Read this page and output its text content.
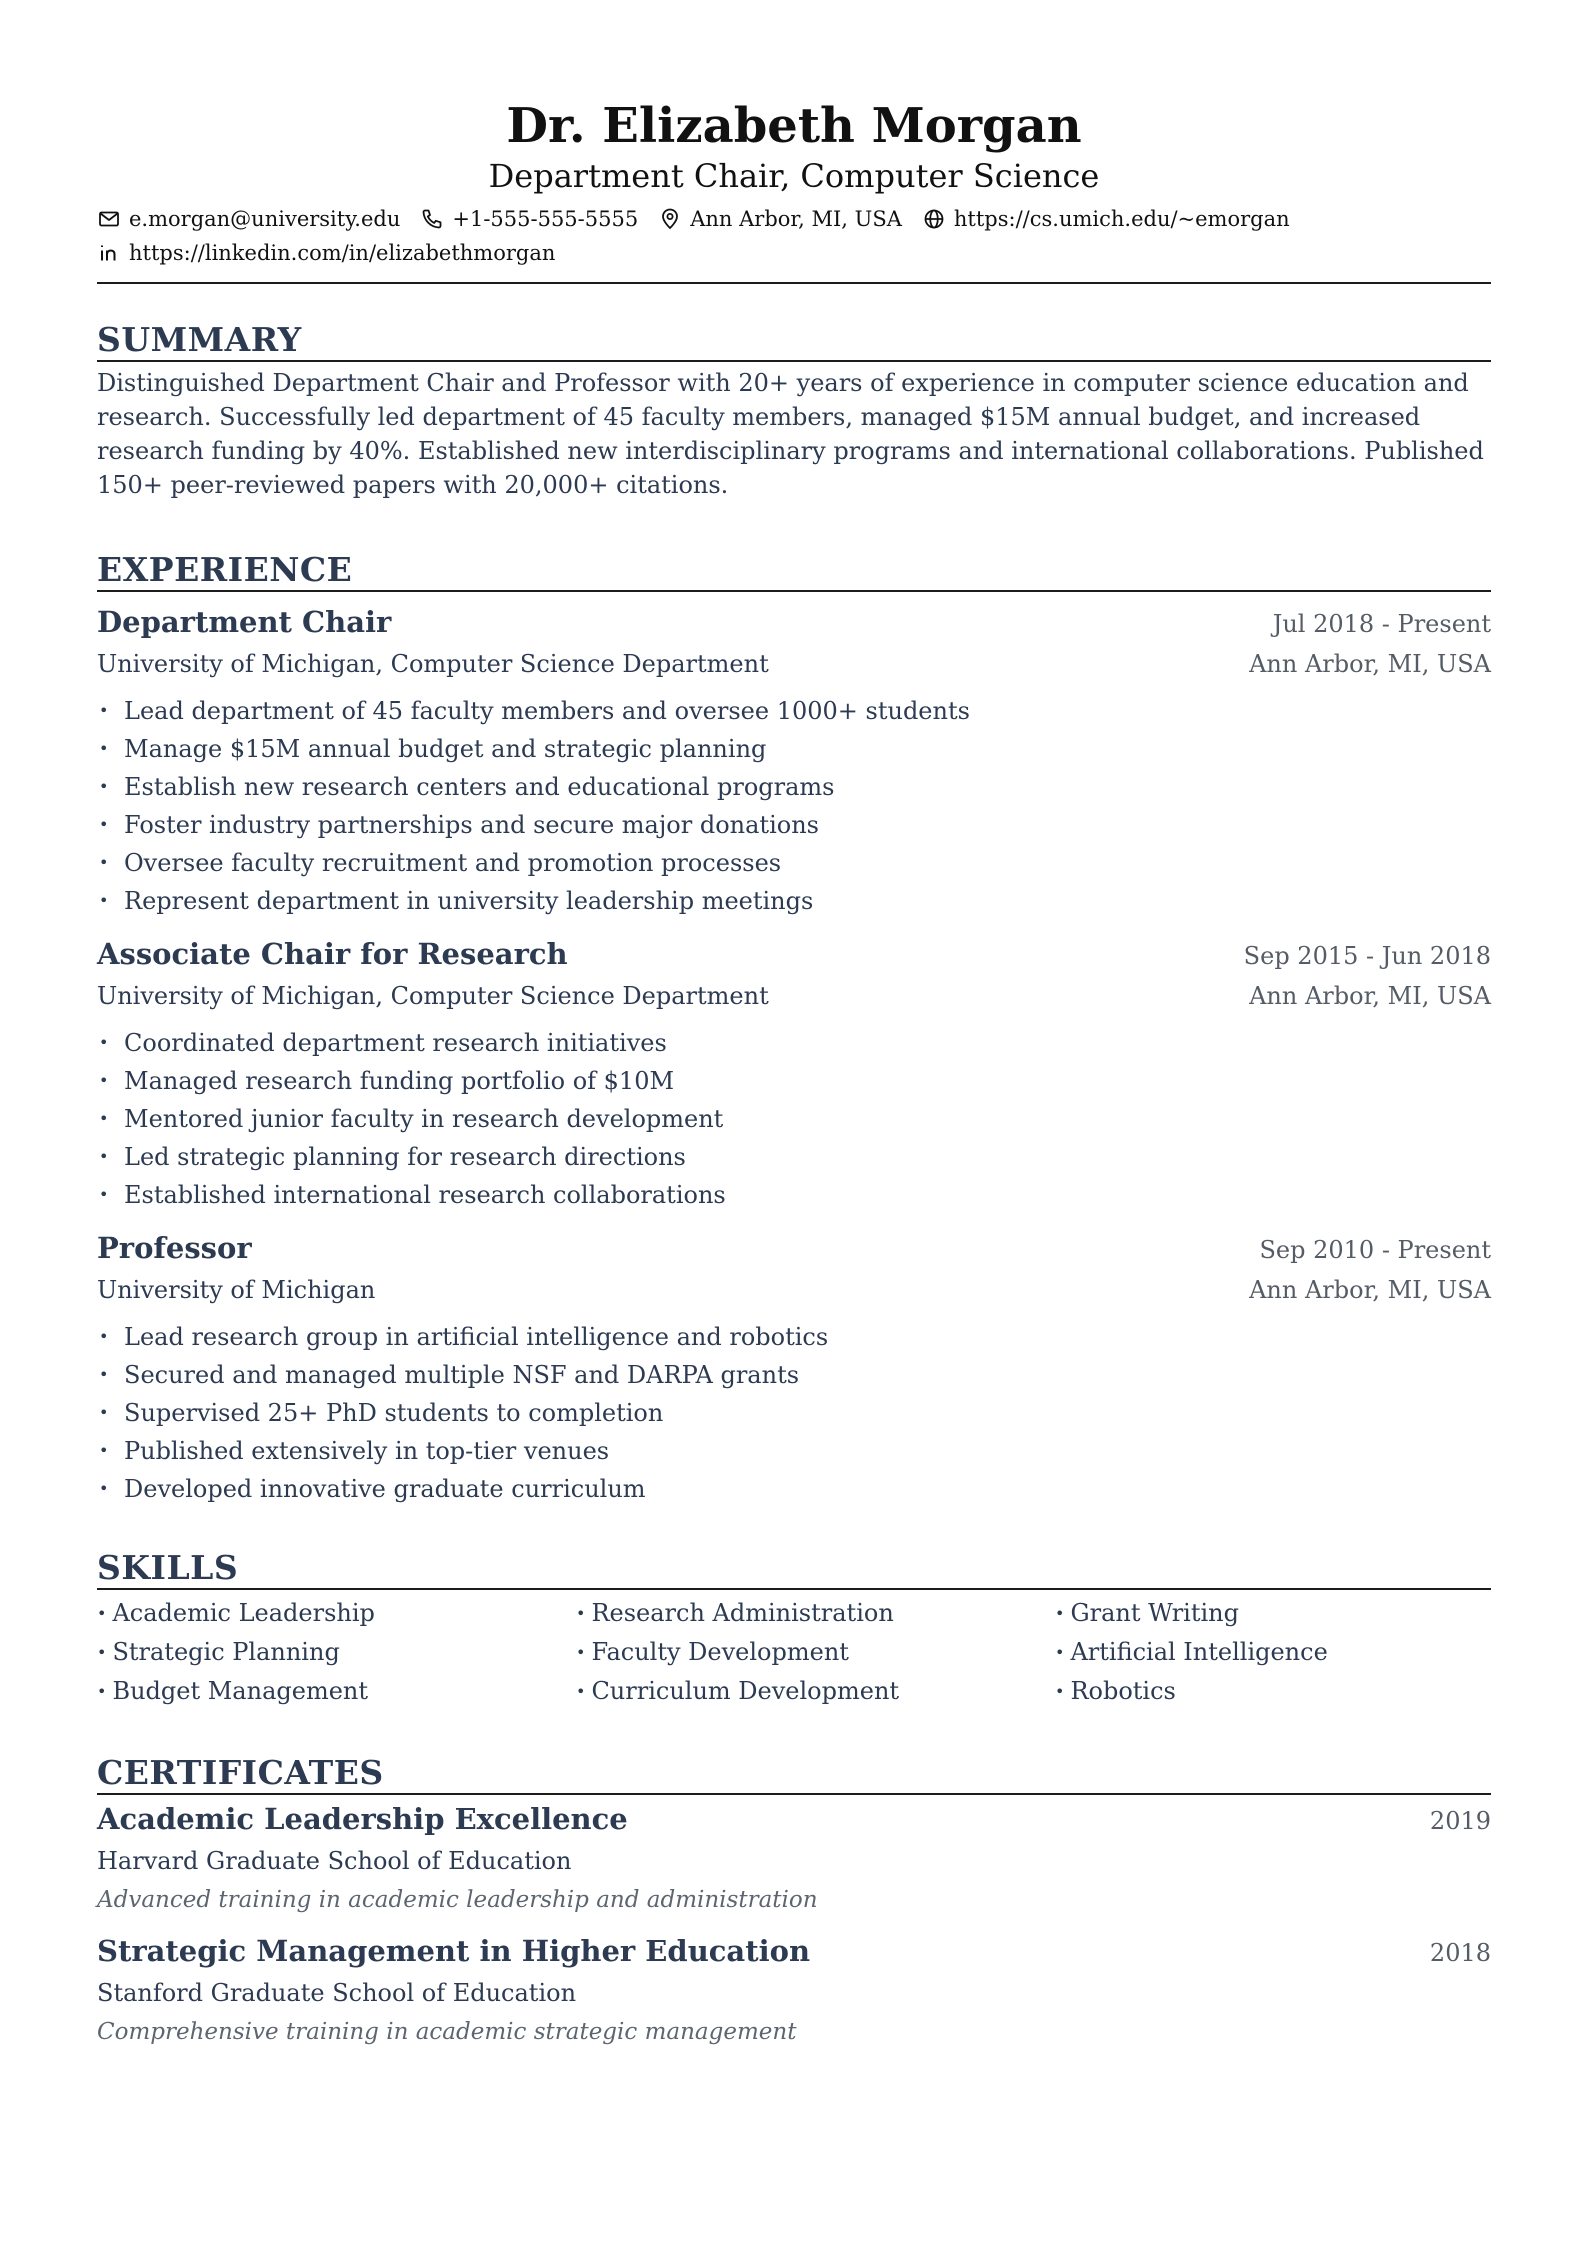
Dr. Elizabeth Morgan
Department Chair, Computer Science
e.morgan@university.edu +1-555-555-5555 Ann Arbor, MI, USA https://cs.umich.edu/~emorgan
https://linkedin.com/in/elizabethmorgan
SUMMARY

Distinguished Department Chair and Professor with 20+ years of experience in computer science education and research. Successfully led department of 45 faculty members, managed $15M annual budget, and increased research funding by 40%. Established new interdisciplinary programs and international collaborations. Published 150+ peer-reviewed papers with 20,000+ citations.

EXPERIENCE
Department Chair	Jul 2018 - Present
University of Michigan, Computer Science Department	Ann Arbor, MI, USA
• Lead department of 45 faculty members and oversee 1000+ students
• Manage $15M annual budget and strategic planning
• Establish new research centers and educational programs
• Foster industry partnerships and secure major donations
• Oversee faculty recruitment and promotion processes
• Represent department in university leadership meetings
Associate Chair for Research	Sep 2015 - Jun 2018
University of Michigan, Computer Science Department	Ann Arbor, MI, USA
• Coordinated department research initiatives
• Managed research funding portfolio of $10M
• Mentored junior faculty in research development
• Led strategic planning for research directions
• Established international research collaborations
Professor	Sep 2010 - Present
University of Michigan	Ann Arbor, MI, USA
• Lead research group in artificial intelligence and robotics
• Secured and managed multiple NSF and DARPA grants
• Supervised 25+ PhD students to completion
• Published extensively in top-tier venues
• Developed innovative graduate curriculum
SKILLS
• Academic Leadership	• Research Administration	• Grant Writing
• Strategic Planning	• Faculty Development	• Artificial Intelligence
• Budget Management	• Curriculum Development	• Robotics
CERTIFICATES
Academic Leadership Excellence	2019
Harvard Graduate School of Education
Advanced training in academic leadership and administration
Strategic Management in Higher Education	2018
Stanford Graduate School of Education
Comprehensive training in academic strategic management
